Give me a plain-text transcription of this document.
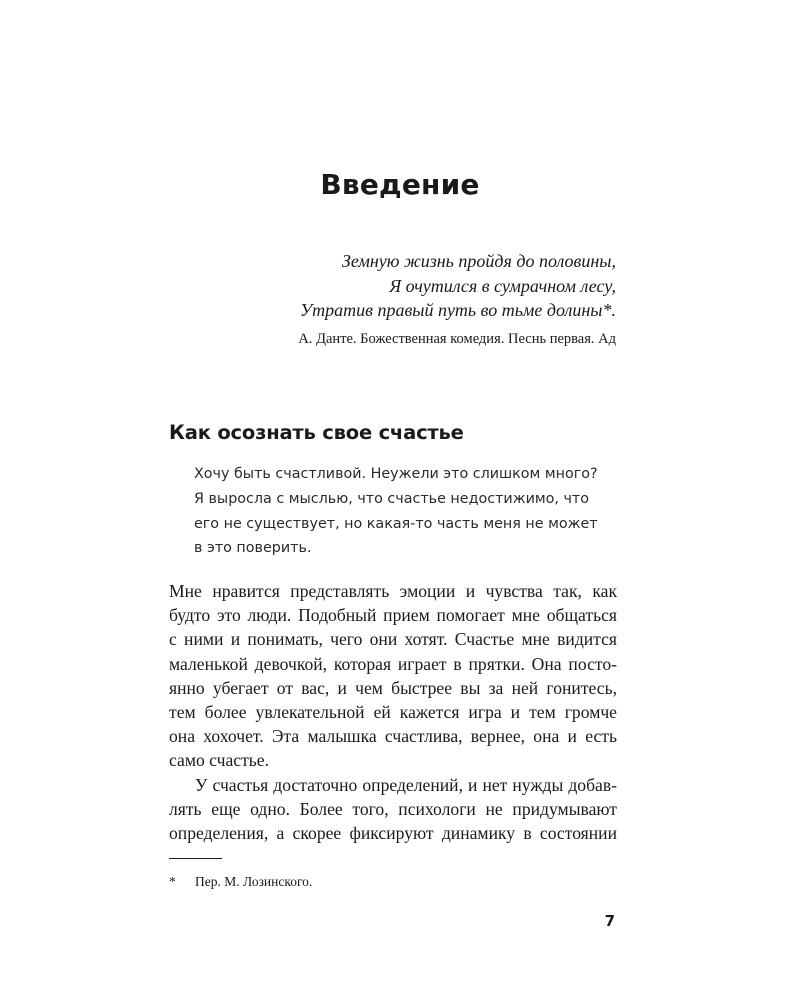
Введение
Земную жизнь пройдя до половины,
Я очутился в сумрачном лесу,
Утратив правый путь во тьме долины*.
А. Данте. Божественная комедия. Песнь первая. Ад
Как осознать свое счастье
Хочу быть счастливой. Неужели это слишком много?
Я выросла с мыслью, что счастье недостижимо, что
его не существует, но какая-то часть меня не может
в это поверить.
Мне нравится представлять эмоции и чувства так, как
будто это люди. Подобный прием помогает мне общаться
с ними и понимать, чего они хотят. Счастье мне видится
маленькой девочкой, которая играет в прятки. Она посто-
янно убегает от вас, и чем быстрее вы за ней гонитесь,
тем более увлекательной ей кажется игра и тем громче
она хохочет. Эта малышка счастлива, вернее, она и есть
само счастье.
У счастья достаточно определений, и нет нужды добав-
лять еще одно. Более того, психологи не придумывают
определения, а скорее фиксируют динамику в состоянии
* Пер. М. Лозинского.
7
